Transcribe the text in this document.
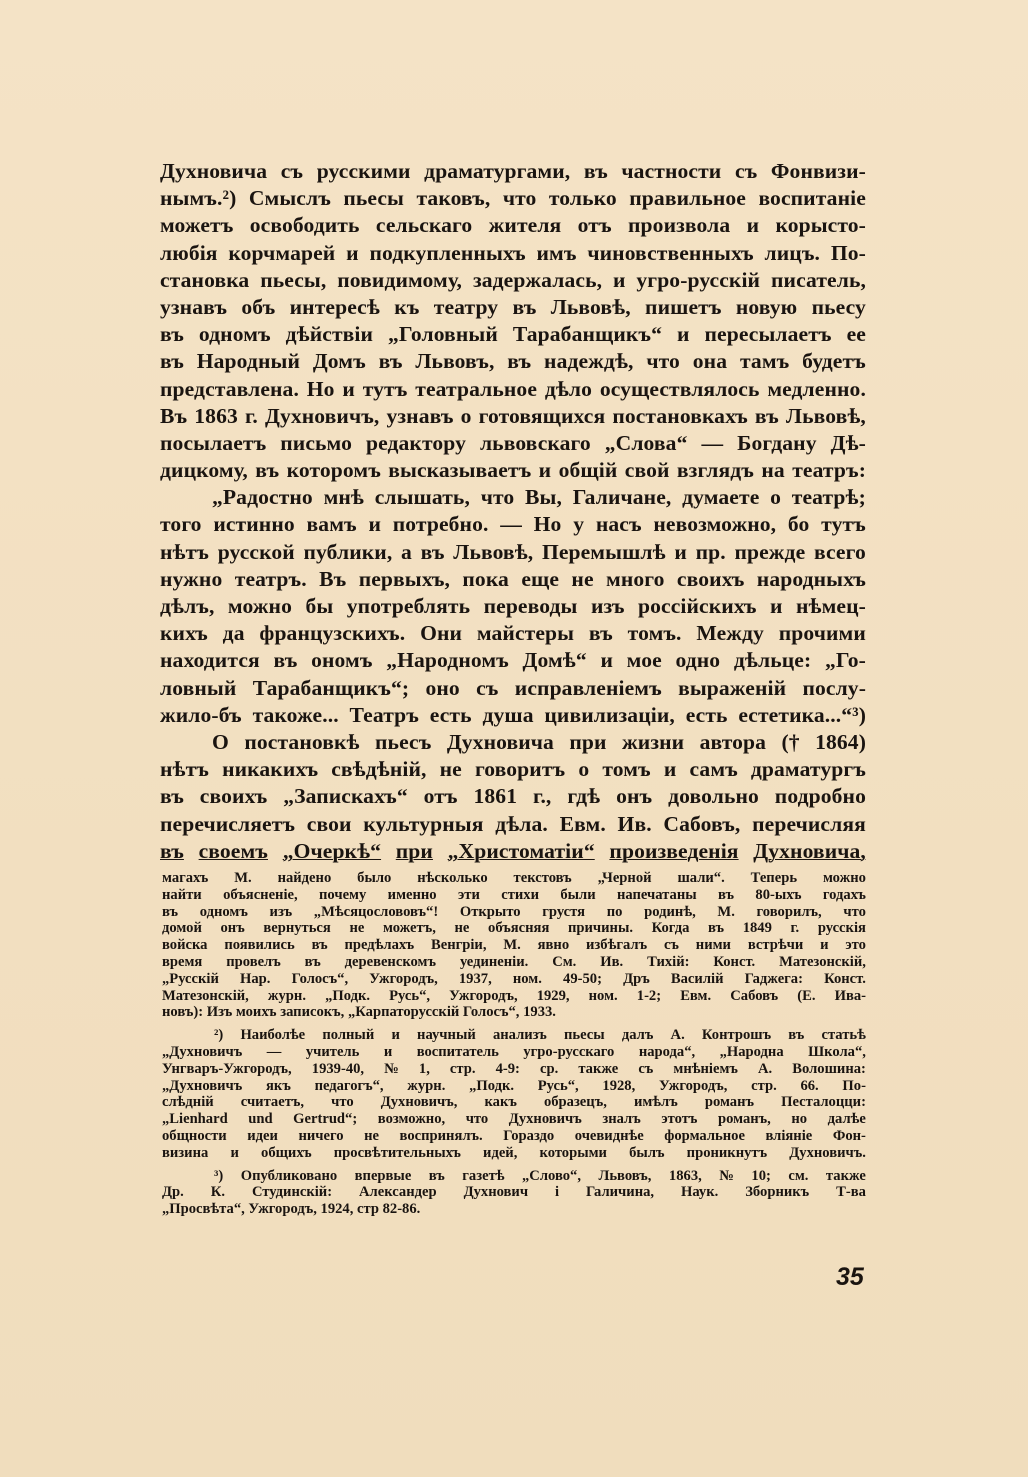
Духновича съ русскими драматургами, въ частности съ Фонвизи-
нымъ.²) Смыслъ пьесы таковъ, что только правильное воспитаніе
можетъ освободить сельскаго жителя отъ произвола и корысто-
любія корчмарей и подкупленныхъ имъ чиновственныхъ лицъ. По-
становка пьесы, повидимому, задержалась, и угро-русскій писатель,
узнавъ объ интересѣ къ театру въ Львовѣ, пишетъ новую пьесу
въ одномъ дѣйствіи „Головный Тарабанщикъ“ и пересылаетъ ее
въ Народный Домъ въ Львовъ, въ надеждѣ, что она тамъ будетъ
представлена. Но и тутъ театральное дѣло осуществлялось медленно.
Въ 1863 г. Духновичъ, узнавъ о готовящихся постановкахъ въ Львовѣ,
посылаетъ письмо редактору львовскаго „Слова“ — Богдану Дѣ-
дицкому, въ которомъ высказываетъ и общій свой взглядъ на театръ:
„Радостно мнѣ слышать, что Вы, Галичане, думаете о театрѣ;
того истинно вамъ и потребно. — Но у насъ невозможно, бо тутъ
нѣтъ русской публики, а въ Львовѣ, Перемышлѣ и пр. прежде всего
нужно театръ. Въ первыхъ, пока еще не много своихъ народныхъ
дѣлъ, можно бы употреблять переводы изъ россійскихъ и нѣмец-
кихъ да французскихъ. Они майстеры въ томъ. Между прочими
находится въ ономъ „Народномъ Домѣ“ и мое одно дѣльце: „Го-
ловный Тарабанщикъ“; оно съ исправленіемъ выраженій послу-
жило-бъ такоже... Театръ есть душа цивилизаціи, есть естетика...“³)
О постановкѣ пьесъ Духновича при жизни автора († 1864)
нѣтъ никакихъ свѣдѣній, не говоритъ о томъ и самъ драматургъ
въ своихъ „Запискахъ“ отъ 1861 г., гдѣ онъ довольно подробно
перечисляетъ свои культурныя дѣла. Евм. Ив. Сабовъ, перечисляя
въ своемъ „Очеркѣ“ при „Христоматіи“ произведенія Духновича,
магахъ М. найдено было нѣсколько текстовъ „Черной шали“. Теперь можно
найти объясненіе, почему именно эти стихи были напечатаны въ 80-ыхъ годахъ
въ одномъ изъ „Мѣсяцослововъ“! Открыто грустя по родинѣ, М. говорилъ, что
домой онъ вернуться не можетъ, не объясняя причины. Когда въ 1849 г. русскія
войска появились въ предѣлахъ Венгріи, М. явно избѣгалъ съ ними встрѣчи и это
время провелъ въ деревенскомъ уединеніи. См. Ив. Тихій: Конст. Матезонскій,
„Русскій Нар. Голосъ“, Ужгородъ, 1937, ном. 49-50; Дръ Василій Гаджега: Конст.
Матезонскій, журн. „Подк. Русь“, Ужгородъ, 1929, ном. 1-2; Евм. Сабовъ (Е. Ива-
новъ): Изъ моихъ записокъ, „Карпаторусскій Голосъ“, 1933.
²) Наиболѣе полный и научный анализъ пьесы далъ А. Контрошъ въ статьѣ
„Духновичъ — учитель и воспитатель угро-русскаго народа“, „Народна Школа“,
Унгваръ-Ужгородъ, 1939-40, № 1, стр. 4-9: ср. также съ мнѣніемъ А. Волошина:
„Духновичъ якъ педагогъ“, журн. „Подк. Русь“, 1928, Ужгородъ, стр. 66. По-
слѣдній считаетъ, что Духновичъ, какъ образецъ, имѣлъ романъ Песталоцци:
„Lienhard und Gertrud“; возможно, что Духновичъ зналъ этотъ романъ, но далѣе
общности идеи ничего не воспринялъ. Гораздо очевиднѣе формальное вліяніе Фон-
визина и общихъ просвѣтительныхъ идей, которыми былъ проникнутъ Духновичъ.
³) Опубликовано впервые въ газетѣ „Слово“, Львовъ, 1863, № 10; см. также
Др. К. Студинскій: Александер Духнович і Галичина, Наук. Зборникъ Т-ва
„Просвѣта“, Ужгородъ, 1924, стр 82-86.
35
